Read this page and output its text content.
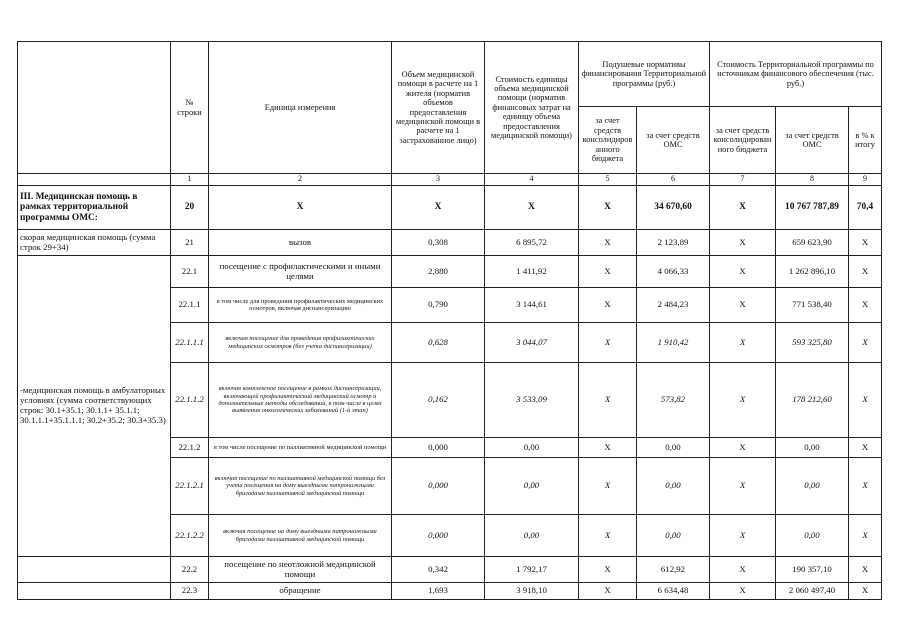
	№ строки	Единица измерения	Объем медицинской помощи в расчете на 1 жителя (норматив объемов предоставления медицинской помощи в расчете на 1 застрахованное лицо)	Стоимость единицы объема медицинской помощи (норматив финансовых затрат на единицу объема предоставления медицинской помощи)	Подушевые нормативы финансирования Территориальной программы (руб.)		Стоимость Территориальной программы по источникам финансового обеспечения (тыс. руб.)		
					за счет средств консолидированного бюджета	за счет средств ОМС	за счет средств консолидированного бюджета	за счет средств ОМС	в % к итогу
	1	2	3	4	5	6	7	8	9
III. Медицинская помощь в рамках территориальной программы ОМС:	20	X	X	X	X	34 670,60	X	10 767 787,89	70,4
скорая медицинская помощь (сумма строк 29+34)	21	вызов	0,308	6 895,72	X	2 123,89	X	659 623,90	X
-медицинская помощь в амбулаторных условиях (сумма соответствующих строк: 30.1+35.1; 30.1.1+ 35.1.1; 30.1.1.1+35.1.1.1; 30.2+35.2; 30.3+35.3)	22.1	посещение с профилактическими и иными целями	2,880	1 411,92	X	4 066,33	X	1 262 896,10	X
	22.1.1	в том числе для проведения профилактических медицинских осмотров, включая диспансеризацию	0,790	3 144,61	X	2 484,23	X	771 538,40	X
	22.1.1.1	включая посещение для проведения профилактических медицинских осмотров (без учета диспансеризации)	0,628	3 044,07	X	1 910,42	X	593 325,80	X
	22.1.1.2	включая комплексное посещение в рамках диспансеризации, включающей профилактический медицинский осмотр и дополнительные методы обследований, в том числе в целях выявления онкологических заболеваний (1-й этап)	0,162	3 533,09	X	573,82	X	178 212,60	X
	22.1.2	в том числе посещение по паллиативной медицинской помощи	0,000	0,00	X	0,00	X	0,00	X
	22.1.2.1	включая посещение по паллиативной медицинской помощи без учета посещения на дому выездными патронажными бригадами паллиативной медицинской помощи	0,000	0,00	X	0,00	X	0,00	X
	22.1.2.2	включая посещение на дому выездными патронажными бригадами паллиативной медицинской помощи	0,000	0,00	X	0,00	X	0,00	X
	22.2	посещение по неотложной медицинской помощи	0,342	1 792,17	X	612,92	X	190 357,10	X
	22.3	обращение	1,693	3 918,10	X	6 634,48	X	2 060 497,40	X
